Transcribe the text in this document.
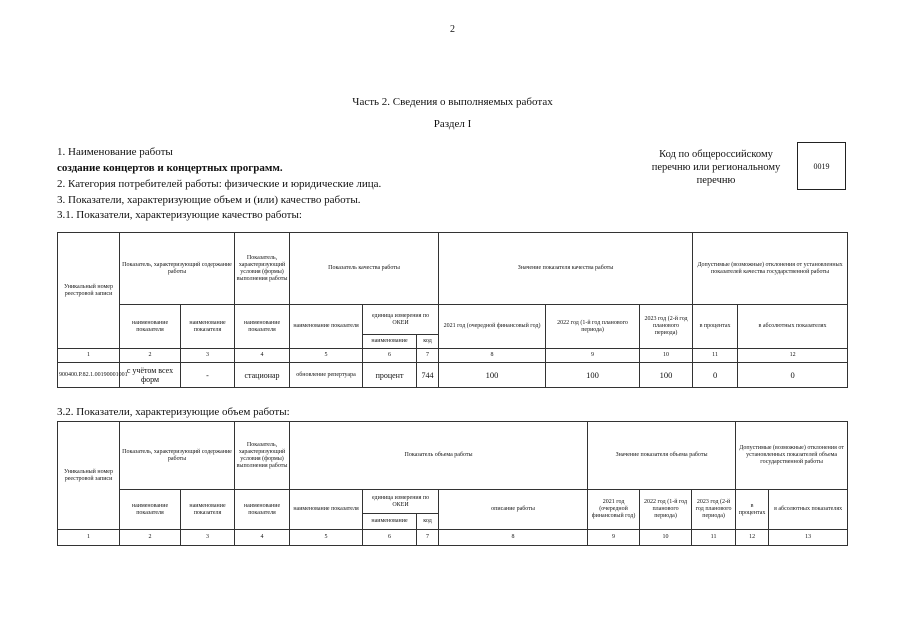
2
Часть 2. Сведения о выполняемых работах
Раздел I
1. Наименование работы
создание концертов и концертных программ.
2. Категория потребителей работы: физические и юридические лица.
3. Показатели, характеризующие объем и (или) качество работы.
3.1. Показатели, характеризующие качество работы:
Код по общероссийскому перечню или региональному перечню
0019
Уникальный номер реестровой записи	Показатель, характеризующий содержание работы		Показатель, характеризующий условия (формы) выполнения работы	Показатель качества работы			Значение показателя качества работы			Допустимые (возможные) отклонения от установленных показателей качества государственной работы	
	наименование показателя	наименование показателя	наименование показателя	наименование показателя	единица измерения по ОКЕИ		2021 год (очередной финансовый год)	2022 год (1-й год планового периода)	2023 год (2-й год планового периода)	в процентах	в абсолютных показателях
					наименование	код					
1	2	3	4	5	6	7	8	9	10	11	12
900400.Р.82.1.00190001001	с учётом всех форм	-	стационар	обновление репертуара	процент	744	100	100	100	0	0
3.2. Показатели, характеризующие объем работы:
Уникальный номер реестровой записи	Показатель, характеризующий содержание работы		Показатель, характеризующий условия (формы) выполнения работы	Показатель объема работы				Значение показателя объема работы			Допустимые (возможные) отклонения от установленных показателей объема государственной работы	
	наименование показателя	наименование показателя	наименование показателя	наименование показателя	единица измерения по ОКЕИ		описание работы	2021 год (очередной финансовый год)	2022 год (1-й год планового периода)	2023 год (2-й год планового периода)	в процентах	в абсолютных показателях
					наименование	код						
1	2	3	4	5	6	7	8	9	10	11	12	13
